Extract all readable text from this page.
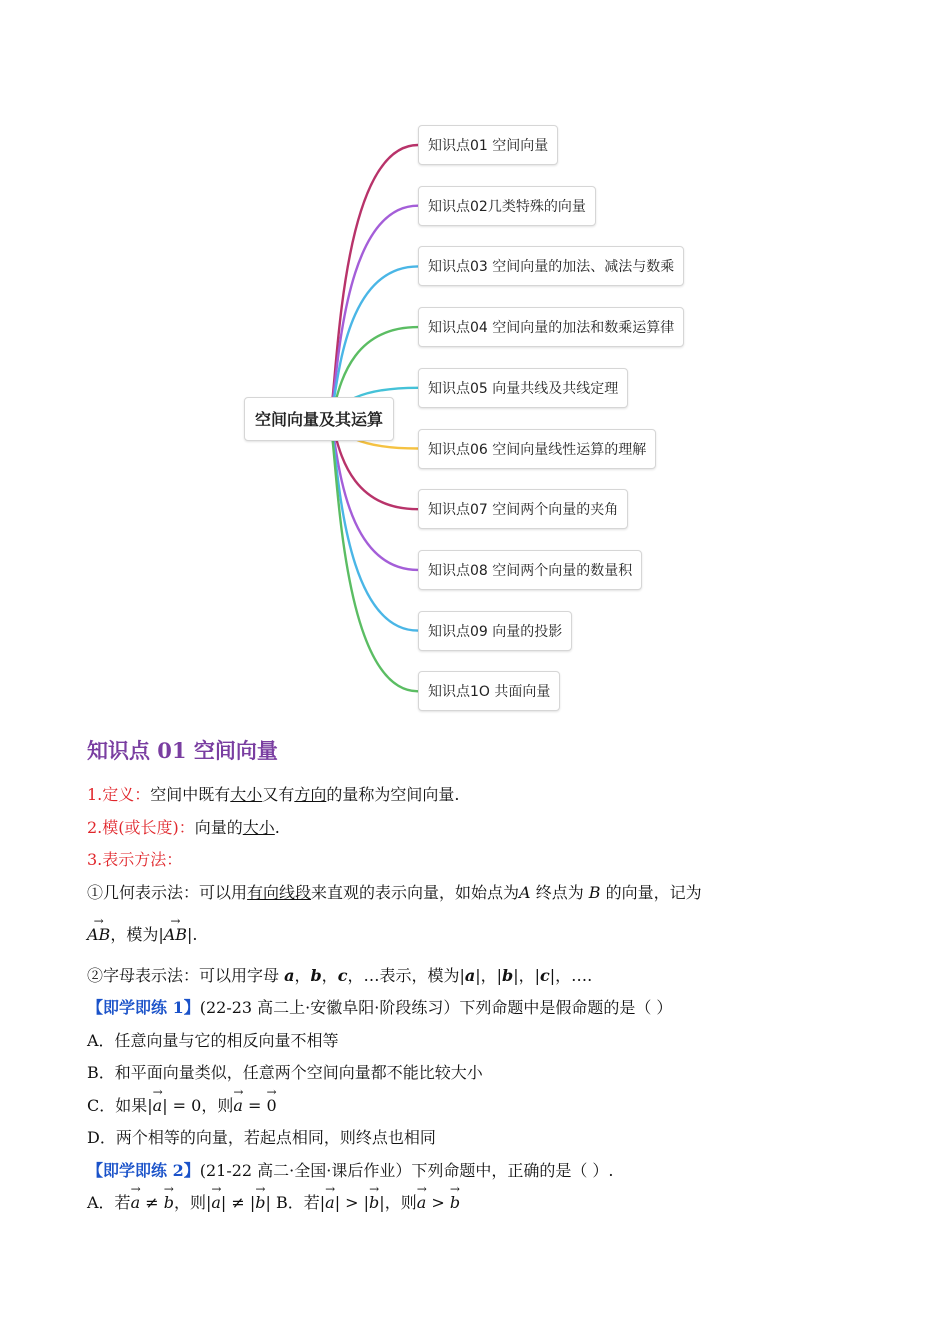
空间向量及其运算
知识点01 空间向量
知识点02几类特殊的向量
知识点03 空间向量的加法、减法与数乘
知识点04 空间向量的加法和数乘运算律
知识点05 向量共线及共线定理
知识点06 空间向量线性运算的理解
知识点07 空间两个向量的夹角
知识点08 空间两个向量的数量积
知识点09 向量的投影
知识点1O 共面向量
知识点 01 空间向量
1.定义：空间中既有大小又有方向的量称为空间向量.
2.模(或长度)：向量的大小.
3.表示方法：
①几何表示法：可以用有向线段来直观的表示向量，如始点为A 终点为 B 的向量，记为
→ AB，模为|→ AB|.
②字母表示法：可以用字母 a，b，c，…表示，模为|a|，|b|，|c|，….
【即学即练 1】(22-23 高二上·安徽阜阳·阶段练习）下列命题中是假命题的是（ ）
A．任意向量与它的相反向量不相等
B．和平面向量类似，任意两个空间向量都不能比较大小
C．如果|→ a| = 0，则→ a = → 0
D．两个相等的向量，若起点相同，则终点也相同
【即学即练 2】(21-22 高二·全国·课后作业）下列命题中，正确的是（ ）.
A．若→ a ≠ → b，则|→ a| ≠ |→ b| B．若|→ a| > |→ b|，则→ a > → b
